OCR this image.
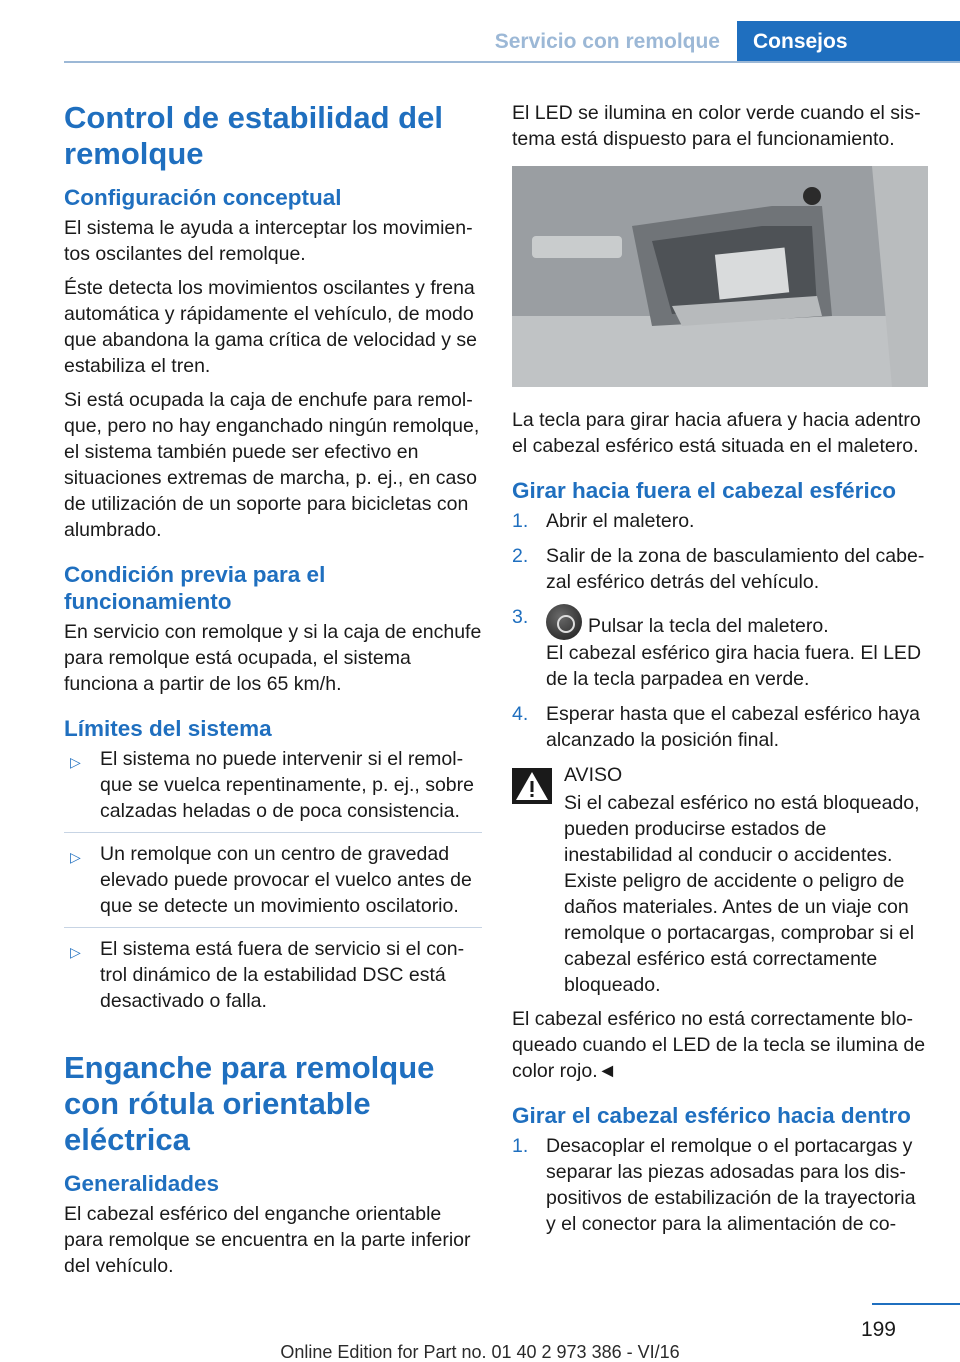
Servicio con remolque	Consejos
Control de estabilidad del remolque
Configuración conceptual

El sistema le ayuda a interceptar los movimientos oscilantes del remolque.

Éste detecta los movimientos oscilantes y frena automática y rápidamente el vehículo, de modo que abandona la gama crítica de velocidad y se estabiliza el tren.

Si está ocupada la caja de enchufe para remolque, pero no hay enganchado ningún remolque, el sistema también puede ser efectivo en situaciones extremas de marcha, p. ej., en caso de utilización de un soporte para bicicletas con alumbrado.

Condición previa para el funcionamiento

En servicio con remolque y si la caja de enchufe para remolque está ocupada, el sistema funciona a partir de los 65 km/h.

Límites del sistema
▷ El sistema no puede intervenir si el remolque se vuelca repentinamente, p. ej., sobre calzadas heladas o de poca consistencia.
▷ Un remolque con un centro de gravedad elevado puede provocar el vuelco antes de que se detecte un movimiento oscilatorio.
▷ El sistema está fuera de servicio si el control dinámico de la estabilidad DSC está desactivado o falla.
Enganche para remolque con rótula orientable eléctrica
Generalidades

El cabezal esférico del enganche orientable para remolque se encuentra en la parte inferior del vehículo.

El LED se ilumina en color verde cuando el sistema está dispuesto para el funcionamiento.

La tecla para girar hacia afuera y hacia adentro el cabezal esférico está situada en el maletero.

Girar hacia fuera el cabezal esférico
1. Abrir el maletero.
2. Salir de la zona de basculamiento del cabezal esférico detrás del vehículo.
3.	Pulsar la tecla del maletero.
El cabezal esférico gira hacia fuera. El LED de la tecla parpadea en verde.
4. Esperar hasta que el cabezal esférico haya alcanzado la posición final.

AVISO

Si el cabezal esférico no está bloqueado, pueden producirse estados de inestabilidad al conducir o accidentes. Existe peligro de accidente o peligro de daños materiales. Antes de un viaje con remolque o portacargas, comprobar si el cabezal esférico está correctamente bloqueado.

El cabezal esférico no está correctamente bloqueado cuando el LED de la tecla se ilumina de color rojo.◄

Girar el cabezal esférico hacia dentro
1. Desacoplar el remolque o el portacargas y separar las piezas adosadas para los dispositivos de estabilización de la trayectoria y el conector para la alimentación de co-
199
Online Edition for Part no. 01 40 2 973 386 - VI/16
